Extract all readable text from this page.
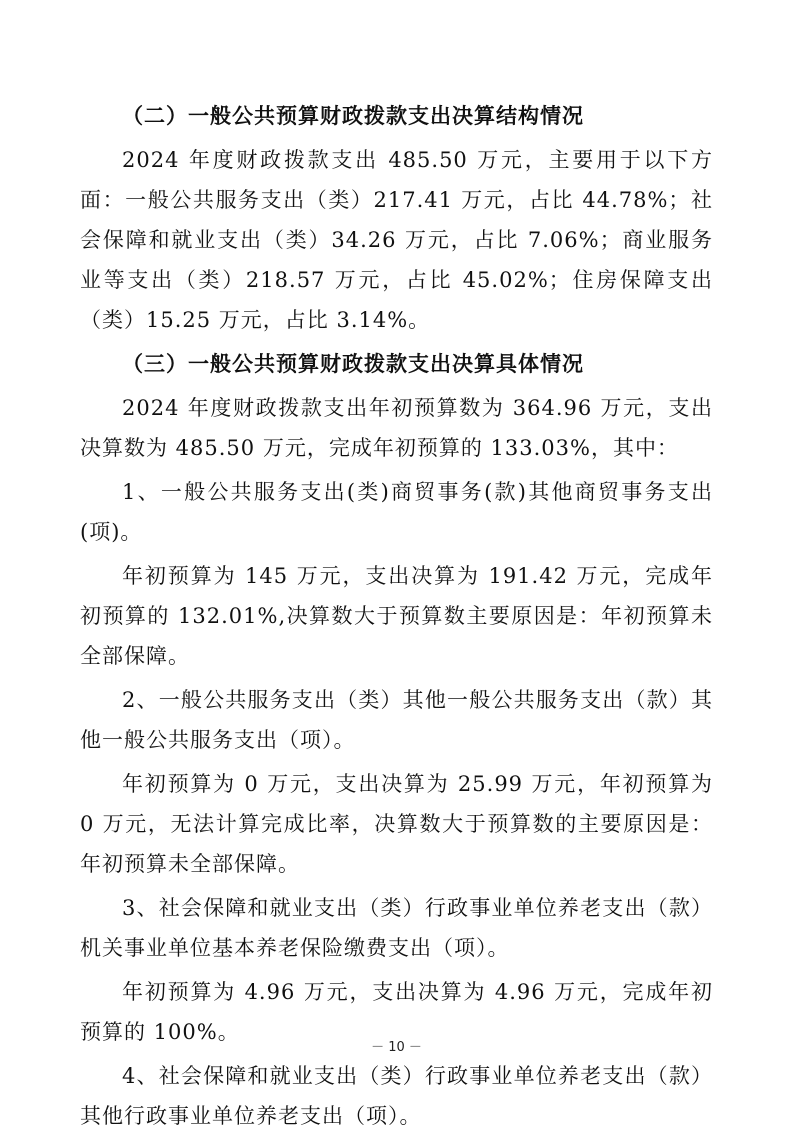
（二）一般公共预算财政拨款支出决算结构情况
2024 年度财政拨款支出 485.50 万元，主要用于以下方面：一般公共服务支出（类）217.41 万元，占比 44.78%；社会保障和就业支出（类）34.26 万元，占比 7.06%；商业服务业等支出（类）218.57 万元，占比 45.02%；住房保障支出（类）15.25 万元，占比 3.14%。
（三）一般公共预算财政拨款支出决算具体情况
2024 年度财政拨款支出年初预算数为 364.96 万元，支出决算数为 485.50 万元，完成年初预算的 133.03%，其中：
1、一般公共服务支出(类)商贸事务(款)其他商贸事务支出(项)。
年初预算为 145 万元，支出决算为 191.42 万元，完成年初预算的 132.01%,决算数大于预算数主要原因是：年初预算未全部保障。
2、一般公共服务支出（类）其他一般公共服务支出（款）其他一般公共服务支出（项）。
年初预算为 0 万元，支出决算为 25.99 万元，年初预算为 0 万元，无法计算完成比率，决算数大于预算数的主要原因是：年初预算未全部保障。
3、社会保障和就业支出（类）行政事业单位养老支出（款）机关事业单位基本养老保险缴费支出（项）。
年初预算为 4.96 万元，支出决算为 4.96 万元，完成年初预算的 100%。
4、社会保障和就业支出（类）行政事业单位养老支出（款）其他行政事业单位养老支出（项）。
－ 10 －
